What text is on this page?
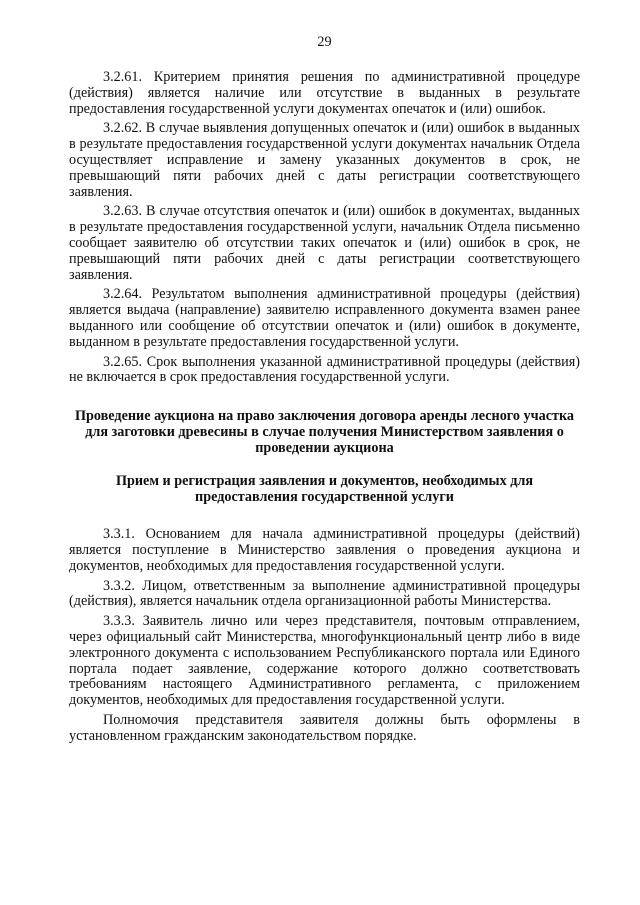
29

3.2.61. Критерием принятия решения по административной процедуре (действия) является наличие или отсутствие в выданных в результате предоставления государственной услуги документах опечаток и (или) ошибок.

3.2.62. В случае выявления допущенных опечаток и (или) ошибок в выданных в результате предоставления государственной услуги документах начальник Отдела осуществляет исправление и замену указанных документов в срок, не превышающий пяти рабочих дней с даты регистрации соответствующего заявления.

3.2.63. В случае отсутствия опечаток и (или) ошибок в документах, выданных в результате предоставления государственной услуги, начальник Отдела письменно сообщает заявителю об отсутствии таких опечаток и (или) ошибок в срок, не превышающий пяти рабочих дней с даты регистрации соответствующего заявления.

3.2.64. Результатом выполнения административной процедуры (действия) является выдача (направление) заявителю исправленного документа взамен ранее выданного или сообщение об отсутствии опечаток и (или) ошибок в документе, выданном в результате предоставления государственной услуги.

3.2.65. Срок выполнения указанной административной процедуры (действия) не включается в срок предоставления государственной услуги.

Проведение аукциона на право заключения договора аренды лесного участка для заготовки древесины в случае получения Министерством заявления о проведении аукциона

Прием и регистрация заявления и документов, необходимых для предоставления государственной услуги

3.3.1. Основанием для начала административной процедуры (действий) является поступление в Министерство заявления о проведения аукциона и документов, необходимых для предоставления государственной услуги.

3.3.2. Лицом, ответственным за выполнение административной процедуры (действия), является начальник отдела организационной работы Министерства.

3.3.3. Заявитель лично или через представителя, почтовым отправлением, через официальный сайт Министерства, многофункциональный центр либо в виде электронного документа с использованием Республиканского портала или Единого портала подает заявление, содержание которого должно соответствовать требованиям настоящего Административного регламента, с приложением документов, необходимых для предоставления государственной услуги.

Полномочия представителя заявителя должны быть оформлены в установленном гражданским законодательством порядке.
